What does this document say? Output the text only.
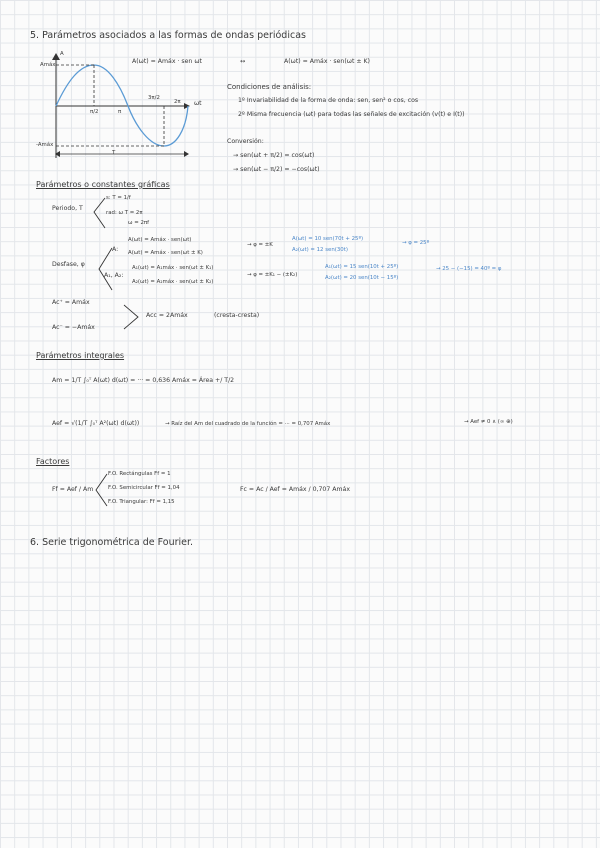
5. Parámetros asociados a las formas de ondas periódicas
A
Amáx
-Amáx
π/2	π
3π/2
2π ωt
T
A(ωt) = Amáx · sen ωt	↔	A(ωt) = Amáx · sen(ωt ± K)
Condiciones de análisis:
1º Invariabilidad de la forma de onda: sen, sen² o cos, cos
2º Misma frecuencia (ωt) para todas las señales de excitación (v(t) e I(t))
Conversión:
→ sen(ωt + π/2) = cos(ωt)
→ sen(ωt − π/2) = −cos(ωt)
Parámetros o constantes gráficas
Periodo, T
s: T = 1/f
rad: ω T = 2π
ω = 2πf
Desfase, φ
A:
A(ωt) = Amáx · sen(ωt)
A(ωt) = Amáx · sen(ωt ± K)
→ φ = ±K
A₁, A₂:
A₁(ωt) = A₁máx · sen(ωt ± K₁)
A₂(ωt) = A₂máx · sen(ωt ± K₂)
→ φ = ±K₁ − (±K₂)
A(ωt) = 10 sen(70t + 25º)
A₂(ωt) = 12 sen(30t)
→ φ = 25º
A₁(ωt) = 15 sen(10t + 25º)
A₂(ωt) = 20 sen(10t − 15º)
→ 25 − (−15) = 40º = φ
Ac⁺ = Amáx
Ac⁻ = −Amáx
Acc = 2Amáx	(cresta-cresta)
Parámetros integrales
Am = 1/T ∫₀ᵀ A(ωt) d(ωt) = ··· = 0,636 Amáx = Área +/ T/2
Aef = √(1/T ∫₀ᵀ A²(ωt) d(ωt))	→ Raíz del Am del cuadrado de la función = ··· = 0,707 Amáx	→ Aef ≠ 0 ∧ (∞ ⊕)
Factores
Ff = Aef / Am
F.O. Rectángulas Ff = 1
F.O. Semicircular Ff = 1,04
F.O. Triangular: Ff = 1,15
Fc = Ac / Aef = Amáx / 0,707 Amáx
6. Serie trigonométrica de Fourier.
